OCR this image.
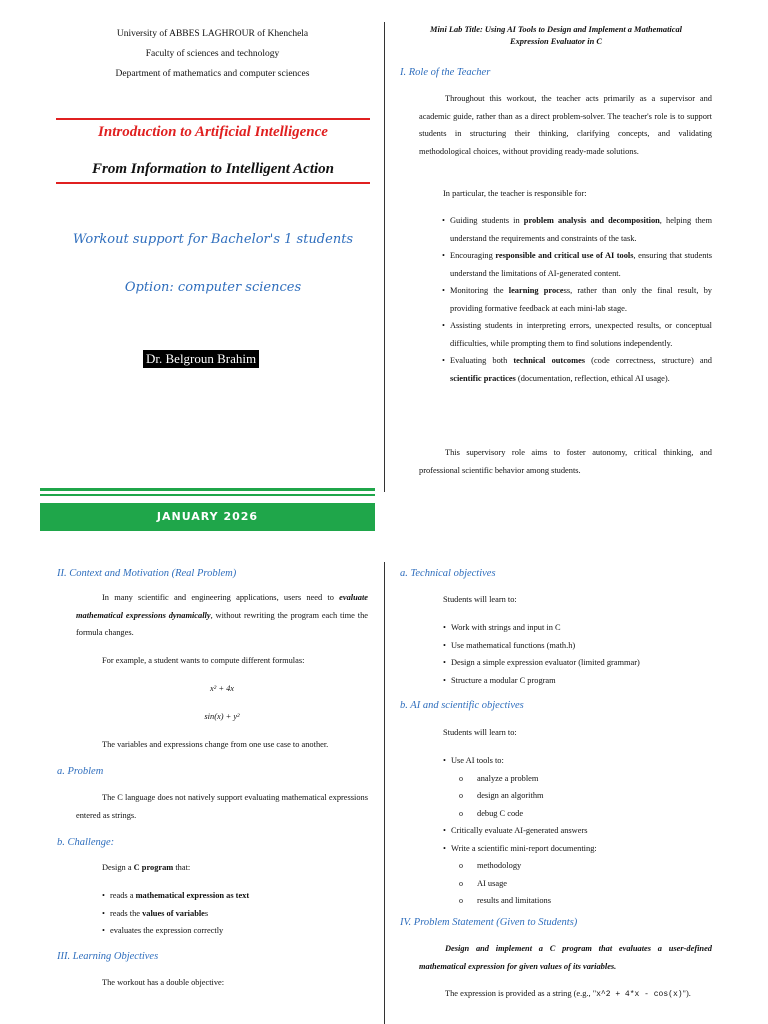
University of ABBES LAGHROUR of Khenchela
Faculty of sciences and technology
Department of mathematics and computer sciences
Introduction to Artificial Intelligence
From Information to Intelligent Action
Workout support for Bachelor's 1 students
Option: computer sciences
Dr. Belgroun Brahim
JANUARY 2026
Mini Lab Title: Using AI Tools to Design and Implement a Mathematical
Expression Evaluator in C
I. Role of the Teacher
Throughout this workout, the teacher acts primarily as a supervisor and academic guide, rather than as a direct problem-solver. The teacher's role is to support students in structuring their thinking, clarifying concepts, and validating methodological choices, without providing ready-made solutions.
In particular, the teacher is responsible for:
• Guiding students in problem analysis and decomposition, helping them understand the requirements and constraints of the task.
• Encouraging responsible and critical use of AI tools, ensuring that students understand the limitations of AI-generated content.
• Monitoring the learning process, rather than only the final result, by providing formative feedback at each mini-lab stage.
• Assisting students in interpreting errors, unexpected results, or conceptual difficulties, while prompting them to find solutions independently.
• Evaluating both technical outcomes (code correctness, structure) and scientific practices (documentation, reflection, ethical AI usage).
This supervisory role aims to foster autonomy, critical thinking, and professional scientific behavior among students.
II. Context and Motivation (Real Problem)
In many scientific and engineering applications, users need to evaluate mathematical expressions dynamically, without rewriting the program each time the formula changes.
For example, a student wants to compute different formulas:
x² + 4x
sin(x) + y²
The variables and expressions change from one use case to another.
a. Problem
The C language does not natively support evaluating mathematical expressions entered as strings.
b. Challenge:
Design a C program that:
• reads a mathematical expression as text
• reads the values of variables
• evaluates the expression correctly
III. Learning Objectives
The workout has a double objective:
a. Technical objectives
Students will learn to:
• Work with strings and input in C
• Use mathematical functions (math.h)
• Design a simple expression evaluator (limited grammar)
• Structure a modular C program
b. AI and scientific objectives
Students will learn to:
• Use AI tools to:
o analyze a problem
o design an algorithm
o debug C code
• Critically evaluate AI-generated answers
• Write a scientific mini-report documenting:
o methodology
o AI usage
o results and limitations
IV. Problem Statement (Given to Students)
Design and implement a C program that evaluates a user-defined mathematical expression for given values of its variables.
The expression is provided as a string (e.g., "x^2 + 4*x - cos(x)").
